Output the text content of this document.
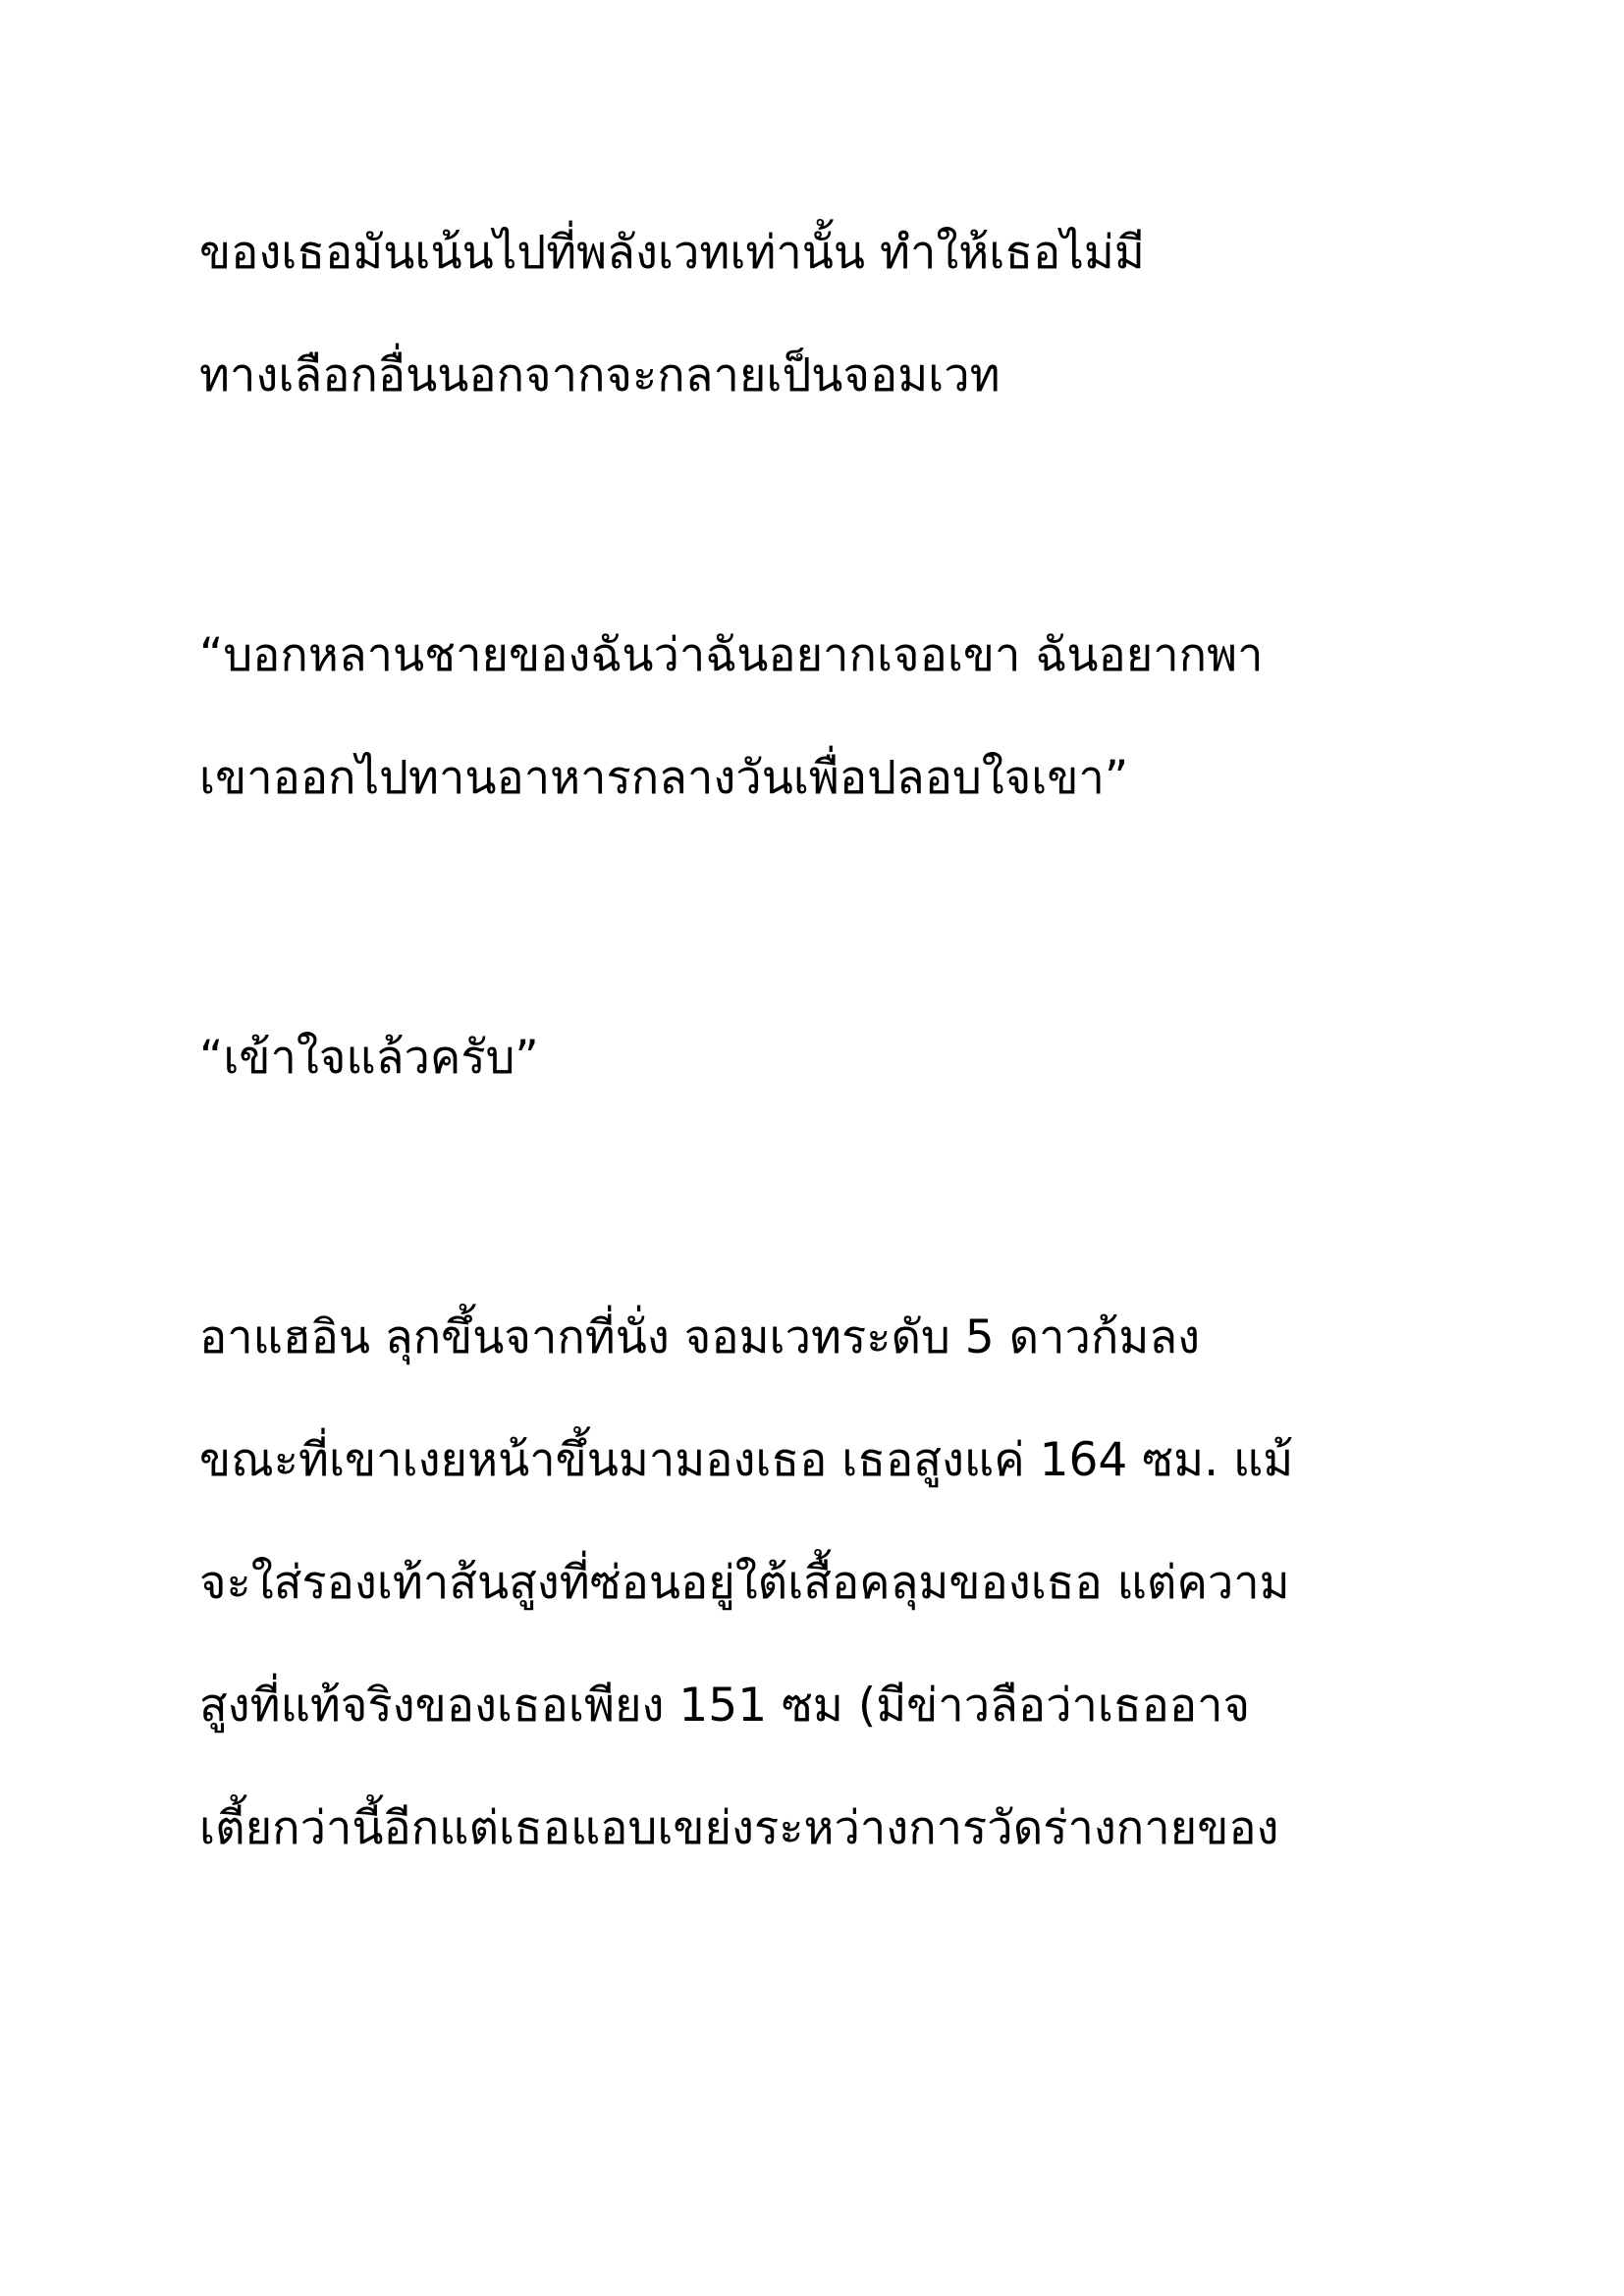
ของเธอมันเน้นไปที่พลังเวทเท่านั้น ทำให้เธอไม่มี
ทางเลือกอื่นนอกจากจะกลายเป็นจอมเวท
“บอกหลานชายของฉันว่าฉันอยากเจอเขา ฉันอยากพา
เขาออกไปทานอาหารกลางวันเพื่อปลอบใจเขา”
“เข้าใจแล้วครับ”
อาแฮอิน ลุกขึ้นจากที่นั่ง จอมเวทระดับ 5 ดาวก้มลง
ขณะที่เขาเงยหน้าขึ้นมามองเธอ เธอสูงแค่ 164 ซม. แม้
จะใส่รองเท้าส้นสูงที่ซ่อนอยู่ใต้เสื้อคลุมของเธอ แต่ความ
สูงที่แท้จริงของเธอเพียง 151 ซม (มีข่าวลือว่าเธออาจ
เตี้ยกว่านี้อีกแต่เธอแอบเขย่งระหว่างการวัดร่างกายของ
